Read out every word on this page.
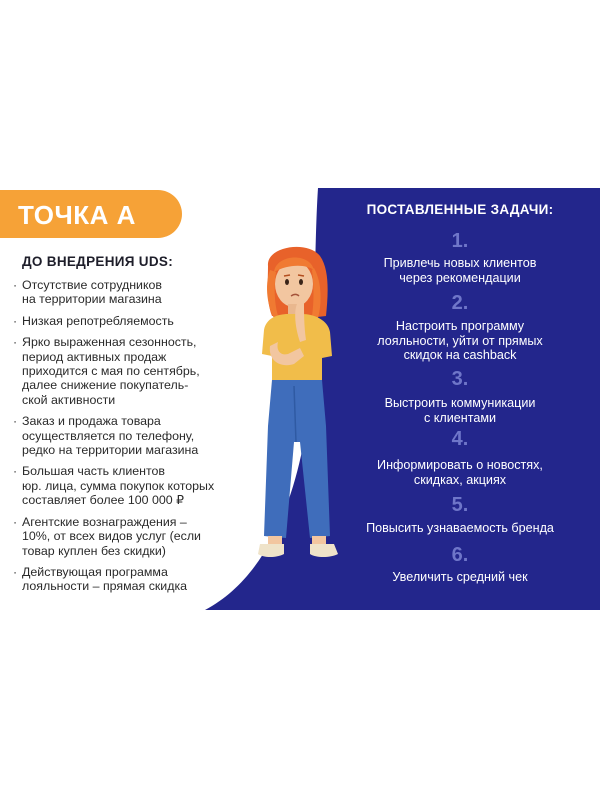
ТОЧКА А
ДО ВНЕДРЕНИЯ UDS:
· Отсутствие сотрудников
на территории магазина
· Низкая репотребляемость
· Ярко выраженная сезонность,
период активных продаж
приходится с мая по сентябрь,
далее снижение покупатель-
ской активности
· Заказ и продажа товара
осуществляется по телефону,
редко на территории магазина
· Большая часть клиентов
юр. лица, сумма покупок которых
составляет более 100 000 ₽
· Агентские вознаграждения –
10%, от всех видов услуг (если
товар куплен без скидки)
· Действующая программа
лояльности – прямая скидка
ПОСТАВЛЕННЫЕ ЗАДАЧИ:
1.
Привлечь новых клиентов
через рекомендации
2.
Настроить программу
лояльности, уйти от прямых
скидок на cashback
3.
Выстроить коммуникации
с клиентами
4.
Информировать о новостях,
скидках, акциях
5.
Повысить узнаваемость бренда
6.
Увеличить средний чек
